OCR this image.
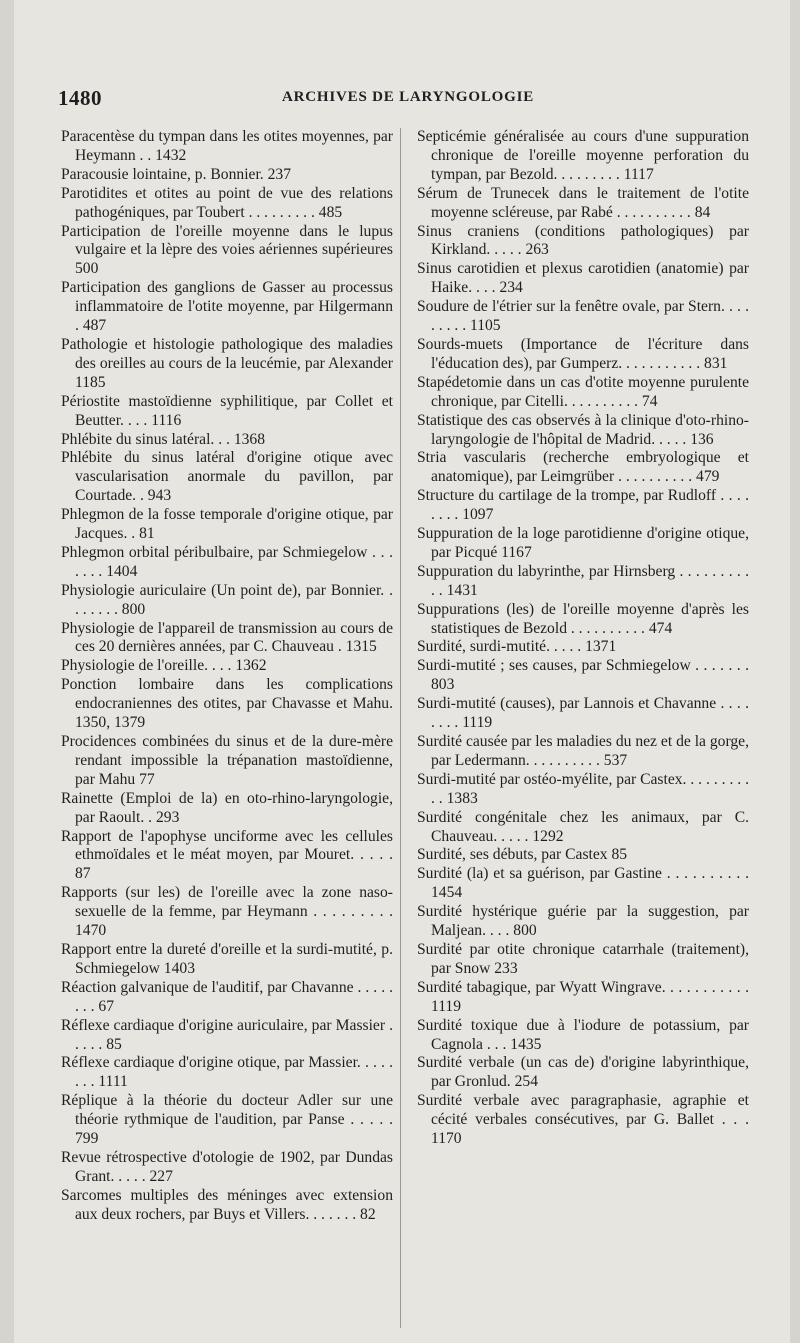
1480	ARCHIVES DE LARYNGOLOGIE

Paracentèse du tympan dans les otites moyennes, par Heymann . . 1432

Paracousie lointaine, p. Bonnier. 237

Parotidites et otites au point de vue des relations pathogéniques, par Toubert . . . . . . . . . 485

Participation de l'oreille moyenne dans le lupus vulgaire et la lèpre des voies aériennes supérieures 500

Participation des ganglions de Gasser au processus inflammatoire de l'otite moyenne, par Hilgermann . 487

Pathologie et histologie pathologique des maladies des oreilles au cours de la leucémie, par Alexander 1185

Périostite mastoïdienne syphilitique, par Collet et Beutter. . . . 1116

Phlébite du sinus latéral. . . 1368

Phlébite du sinus latéral d'origine otique avec vascularisation anormale du pavillon, par Courtade. . 943

Phlegmon de la fosse temporale d'origine otique, par Jacques. . 81

Phlegmon orbital péribulbaire, par Schmiegelow . . . . . . . 1404

Physiologie auriculaire (Un point de), par Bonnier. . . . . . . . 800

Physiologie de l'appareil de transmission au cours de ces 20 dernières années, par C. Chauveau . 1315

Physiologie de l'oreille. . . . 1362

Ponction lombaire dans les complications endocraniennes des otites, par Chavasse et Mahu. 1350, 1379

Procidences combinées du sinus et de la dure-mère rendant impossible la trépanation mastoïdienne, par Mahu 77

Rainette (Emploi de la) en oto-rhino-laryngologie, par Raoult. . 293

Rapport de l'apophyse unciforme avec les cellules ethmoïdales et le méat moyen, par Mouret. . . . . 87

Rapports (sur les) de l'oreille avec la zone naso-sexuelle de la femme, par Heymann . . . . . . . . . 1470

Rapport entre la dureté d'oreille et la surdi-mutité, p. Schmiegelow 1403

Réaction galvanique de l'auditif, par Chavanne . . . . . . . . 67

Réflexe cardiaque d'origine auriculaire, par Massier . . . . . 85

Réflexe cardiaque d'origine otique, par Massier. . . . . . . . 1111

Réplique à la théorie du docteur Adler sur une théorie rythmique de l'audition, par Panse . . . . . 799

Revue rétrospective d'otologie de 1902, par Dundas Grant. . . . . 227

Sarcomes multiples des méninges avec extension aux deux rochers, par Buys et Villers. . . . . . . 82

Septicémie généralisée au cours d'une suppuration chronique de l'oreille moyenne perforation du tympan, par Bezold. . . . . . . . . 1117

Sérum de Trunecek dans le traitement de l'otite moyenne scléreuse, par Rabé . . . . . . . . . . 84

Sinus craniens (conditions pathologiques) par Kirkland. . . . . 263

Sinus carotidien et plexus carotidien (anatomie) par Haike. . . . 234

Soudure de l'étrier sur la fenêtre ovale, par Stern. . . . . . . . . 1105

Sourds-muets (Importance de l'écriture dans l'éducation des), par Gumperz. . . . . . . . . . . 831

Stapédetomie dans un cas d'otite moyenne purulente chronique, par Citelli. . . . . . . . . . 74

Statistique des cas observés à la clinique d'oto-rhino-laryngologie de l'hôpital de Madrid. . . . . 136

Stria vascularis (recherche embryologique et anatomique), par Leimgrüber . . . . . . . . . . 479

Structure du cartilage de la trompe, par Rudloff . . . . . . . . 1097

Suppuration de la loge parotidienne d'origine otique, par Picqué 1167

Suppuration du labyrinthe, par Hirnsberg . . . . . . . . . . . 1431

Suppurations (les) de l'oreille moyenne d'après les statistiques de Bezold . . . . . . . . . . 474

Surdité, surdi-mutité. . . . . 1371

Surdi-mutité ; ses causes, par Schmiegelow . . . . . . . 803

Surdi-mutité (causes), par Lannois et Chavanne . . . . . . . . 1119

Surdité causée par les maladies du nez et de la gorge, par Ledermann. . . . . . . . . . 537

Surdi-mutité par ostéo-myélite, par Castex. . . . . . . . . . . 1383

Surdité congénitale chez les animaux, par C. Chauveau. . . . . 1292

Surdité, ses débuts, par Castex 85

Surdité (la) et sa guérison, par Gastine . . . . . . . . . . 1454

Surdité hystérique guérie par la suggestion, par Maljean. . . . 800

Surdité par otite chronique catarrhale (traitement), par Snow 233

Surdité tabagique, par Wyatt Wingrave. . . . . . . . . . . 1119

Surdité toxique due à l'iodure de potassium, par Cagnola . . . 1435

Surdité verbale (un cas de) d'origine labyrinthique, par Gronlud. 254

Surdité verbale avec paragraphasie, agraphie et cécité verbales consécutives, par G. Ballet . . . 1170
